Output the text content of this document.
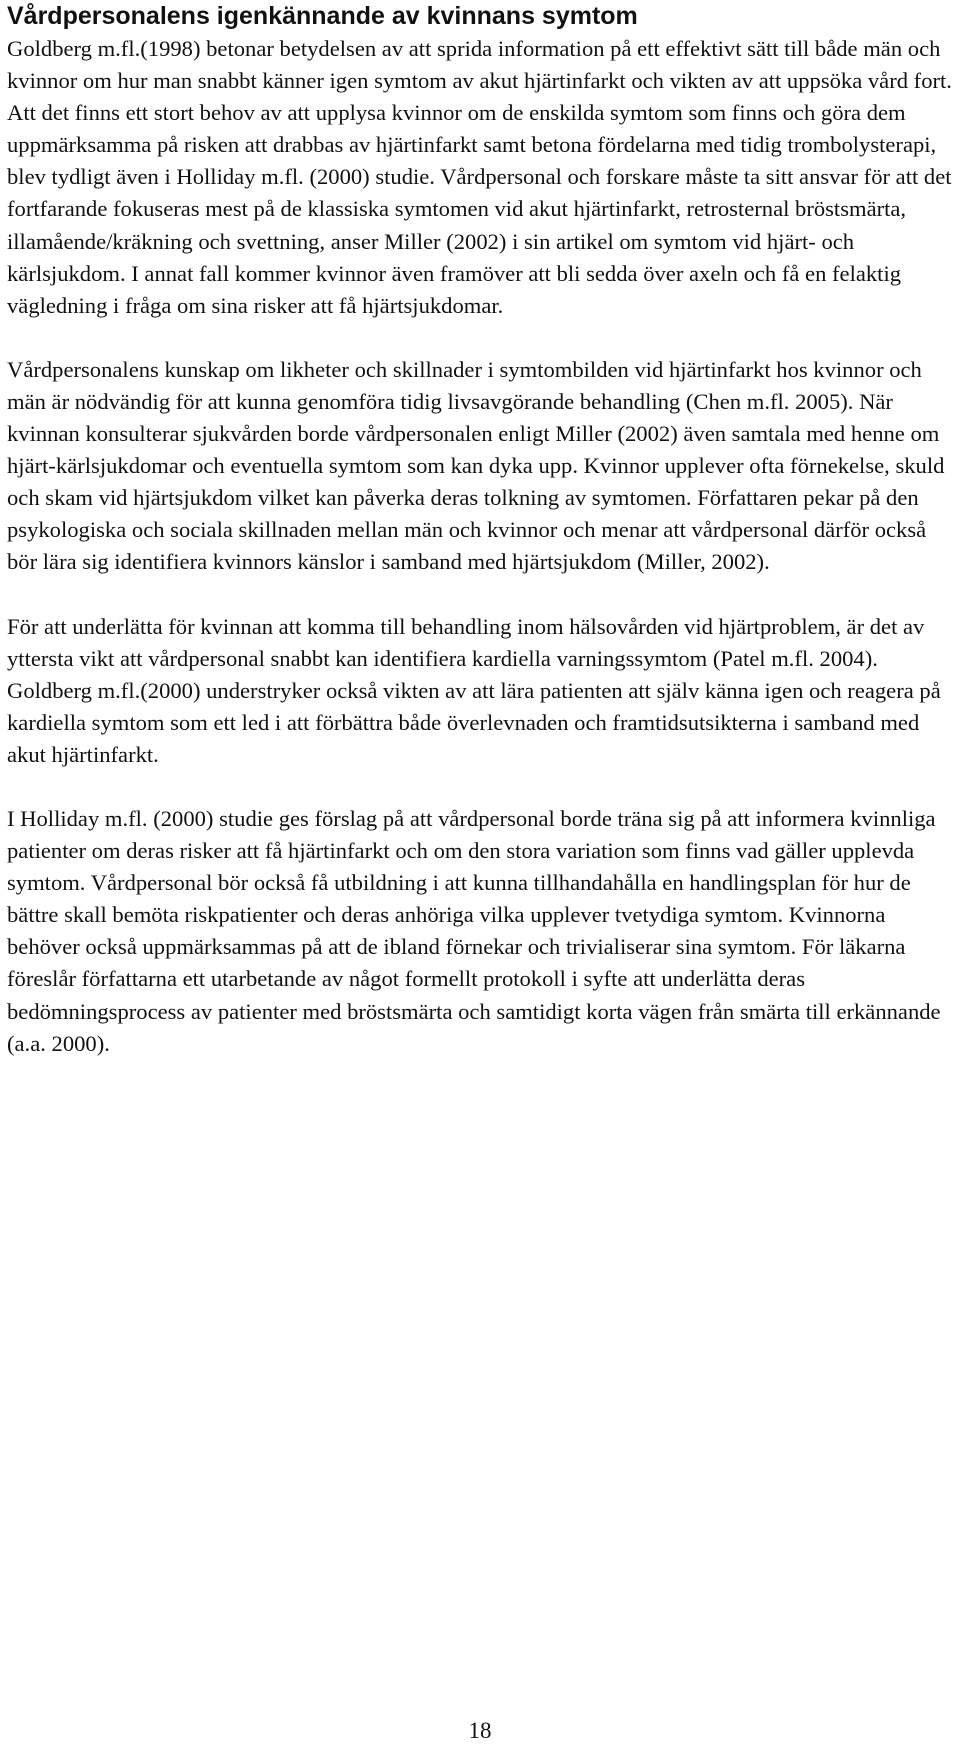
Vårdpersonalens igenkännande av kvinnans symtom

Goldberg m.fl.(1998) betonar betydelsen av att sprida information på ett effektivt sätt till både män och kvinnor om hur man snabbt känner igen symtom av akut hjärtinfarkt och vikten av att uppsöka vård fort. Att det finns ett stort behov av att upplysa kvinnor om de enskilda symtom som finns och göra dem uppmärksamma på risken att drabbas av hjärtinfarkt samt betona fördelarna med tidig trombolysterapi, blev tydligt även i Holliday m.fl. (2000) studie. Vårdpersonal och forskare måste ta sitt ansvar för att det fortfarande fokuseras mest på de klassiska symtomen vid akut hjärtinfarkt, retrosternal bröstsmärta, illamående/kräkning och svettning, anser Miller (2002) i sin artikel om symtom vid hjärt- och kärlsjukdom. I annat fall kommer kvinnor även framöver att bli sedda över axeln och få en felaktig vägledning i fråga om sina risker att få hjärtsjukdomar.

Vårdpersonalens kunskap om likheter och skillnader i symtombilden vid hjärtinfarkt hos kvinnor och män är nödvändig för att kunna genomföra tidig livsavgörande behandling (Chen m.fl. 2005). När kvinnan konsulterar sjukvården borde vårdpersonalen enligt Miller (2002) även samtala med henne om hjärt-kärlsjukdomar och eventuella symtom som kan dyka upp. Kvinnor upplever ofta förnekelse, skuld och skam vid hjärtsjukdom vilket kan påverka deras tolkning av symtomen. Författaren pekar på den psykologiska och sociala skillnaden mellan män och kvinnor och menar att vårdpersonal därför också bör lära sig identifiera kvinnors känslor i samband med hjärtsjukdom (Miller, 2002).

För att underlätta för kvinnan att komma till behandling inom hälsovården vid hjärtproblem, är det av yttersta vikt att vårdpersonal snabbt kan identifiera kardiella varningssymtom (Patel m.fl. 2004). Goldberg m.fl.(2000) understryker också vikten av att lära patienten att själv känna igen och reagera på kardiella symtom som ett led i att förbättra både överlevnaden och framtidsutsikterna i samband med akut hjärtinfarkt.

I Holliday m.fl. (2000) studie ges förslag på att vårdpersonal borde träna sig på att informera kvinnliga patienter om deras risker att få hjärtinfarkt och om den stora variation som finns vad gäller upplevda symtom. Vårdpersonal bör också få utbildning i att kunna tillhandahålla en handlingsplan för hur de bättre skall bemöta riskpatienter och deras anhöriga vilka upplever tvetydiga symtom. Kvinnorna behöver också uppmärksammas på att de ibland förnekar och trivialiserar sina symtom. För läkarna föreslår författarna ett utarbetande av något formellt protokoll i syfte att underlätta deras bedömningsprocess av patienter med bröstsmärta och samtidigt korta vägen från smärta till erkännande (a.a. 2000).

18
